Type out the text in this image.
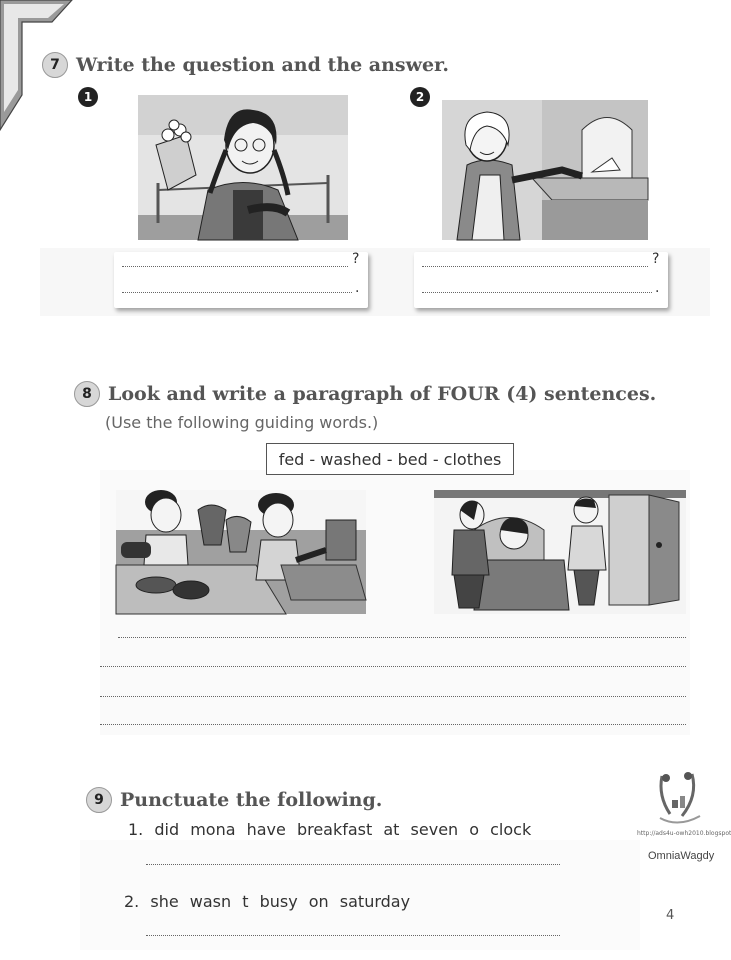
7 Write the question and the answer.
1	2
?
.
?
.
8 Look and write a paragraph of FOUR (4) sentences.
(Use the following guiding words.)
fed - washed - bed - clothes
9 Punctuate the following.
1. did mona have breakfast at seven o clock
2. she wasn t busy on saturday
http://ads4u-owh2010.blogspot
OmniaWagdy
4
